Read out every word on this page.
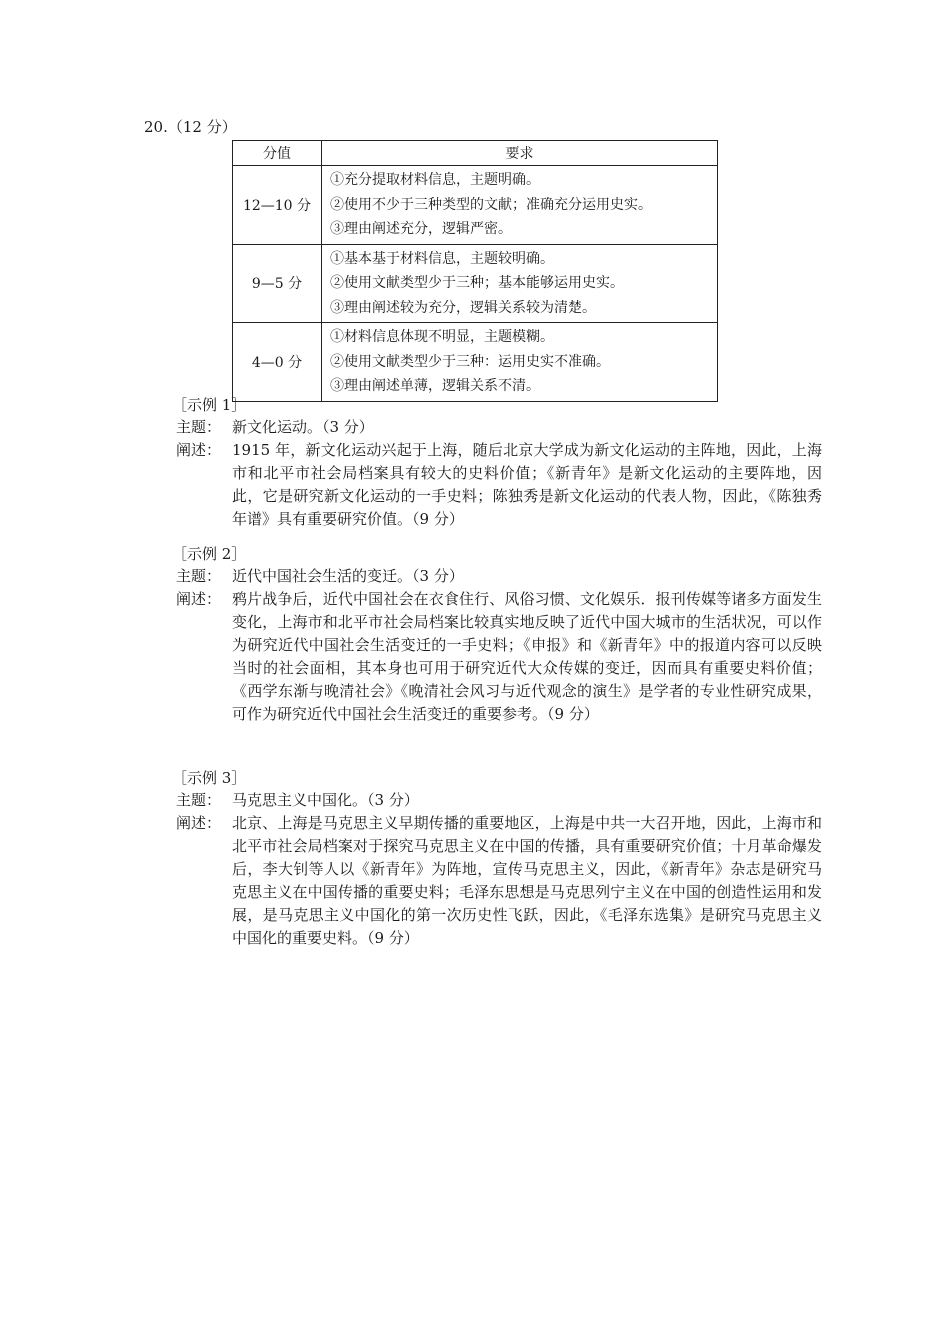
20.（12 分）
分值	要求
12—10 分	①充分提取材料信息，主题明确。
②使用不少于三种类型的文献；准确充分运用史实。
③理由阐述充分，逻辑严密。

9—5 分	①基本基于材料信息，主题较明确。
②使用文献类型少于三种；基本能够运用史实。
③理由阐述较为充分，逻辑关系较为清楚。

4—0 分	①材料信息体现不明显，主题模糊。
②使用文献类型少于三种：运用史实不准确。
③理由阐述单薄，逻辑关系不清。
［示例 1］
主题： 新文化运动。（3 分）
阐述： 1915 年，新文化运动兴起于上海，随后北京大学成为新文化运动的主阵地，因此，上海市和北平市社会局档案具有较大的史料价值；《新青年》是新文化运动的主要阵地，因此，它是研究新文化运动的一手史料；陈独秀是新文化运动的代表人物，因此，《陈独秀年谱》具有重要研究价值。（9 分）
［示例 2］
主题： 近代中国社会生活的变迁。（3 分）
阐述： 鸦片战争后，近代中国社会在衣食住行、风俗习惯、文化娱乐．报刊传媒等诸多方面发生变化，上海市和北平市社会局档案比较真实地反映了近代中国大城市的生活状况，可以作为研究近代中国社会生活变迁的一手史料；《申报》和《新青年》中的报道内容可以反映当时的社会面相，其本身也可用于研究近代大众传媒的变迁，因而具有重要史料价值；《西学东渐与晚清社会》《晚清社会风习与近代观念的演生》是学者的专业性研究成果，可作为研究近代中国社会生活变迁的重要参考。（9 分）
［示例 3］
主题： 马克思主义中国化。（3 分）
阐述： 北京、上海是马克思主义早期传播的重要地区，上海是中共一大召开地，因此，上海市和北平市社会局档案对于探究马克思主义在中国的传播，具有重要研究价值；十月革命爆发后，李大钊等人以《新青年》为阵地，宣传马克思主义，因此，《新青年》杂志是研究马克思主义在中国传播的重要史料；毛泽东思想是马克思列宁主义在中国的创造性运用和发展，是马克思主义中国化的第一次历史性飞跃，因此，《毛泽东选集》是研究马克思主义中国化的重要史料。（9 分）
